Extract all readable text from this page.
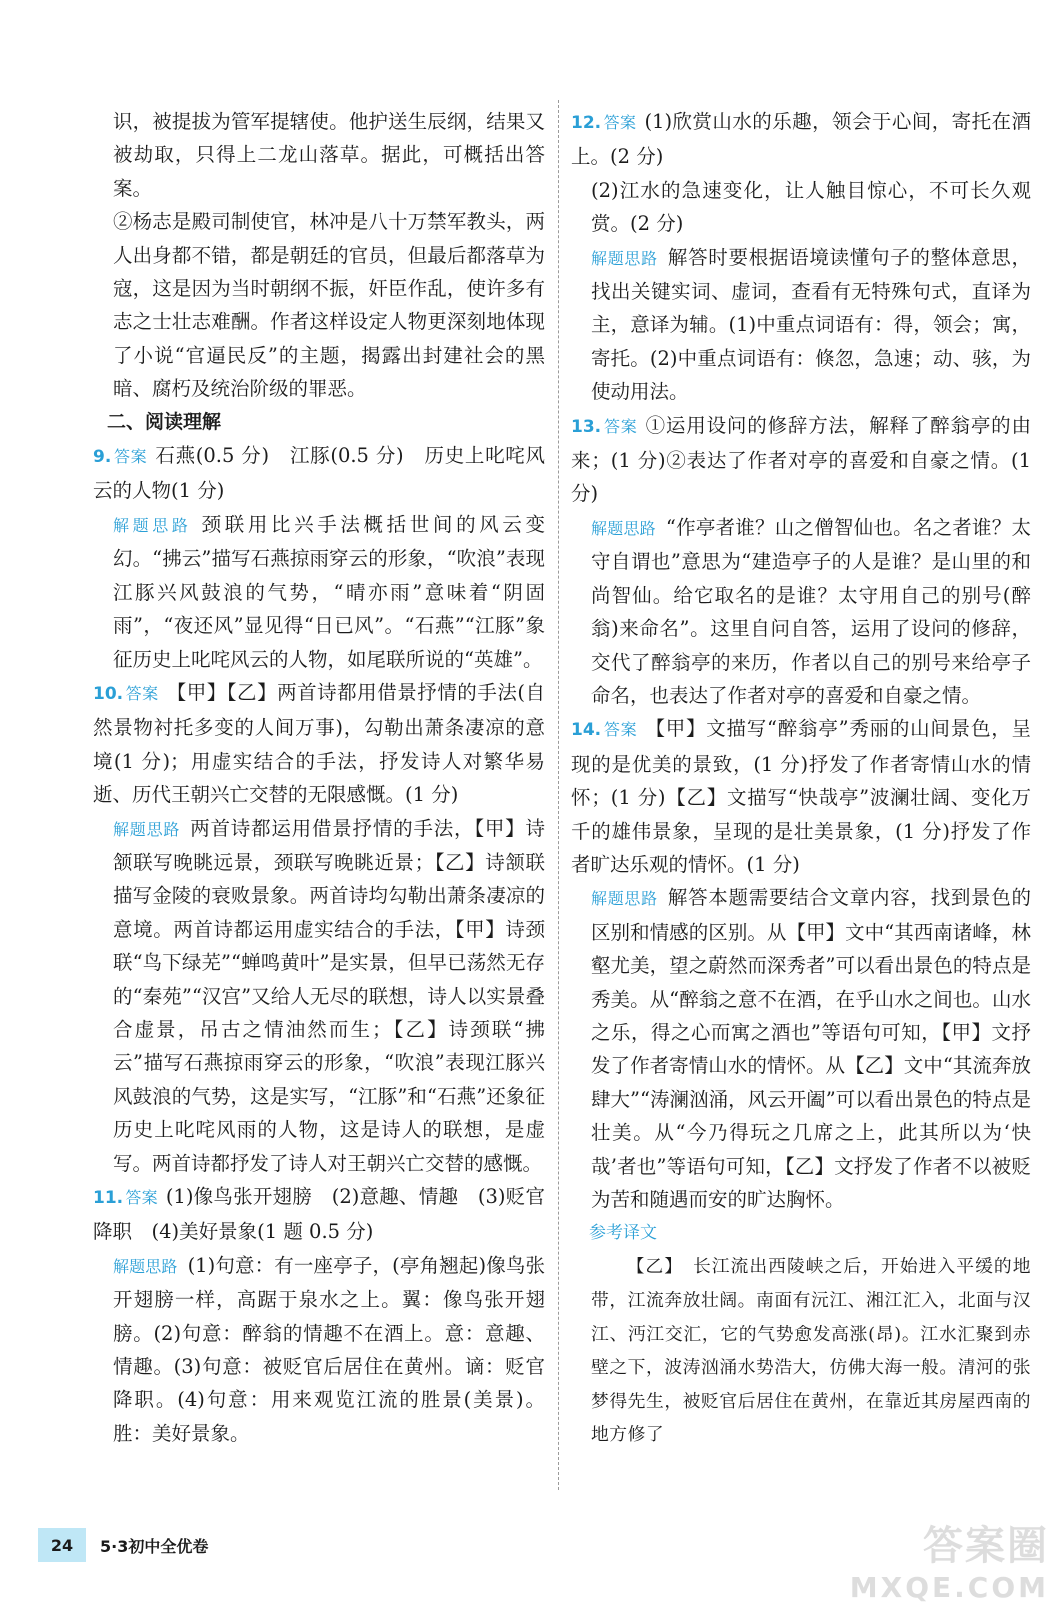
识，被提拔为管军提辖使。他护送生辰纲，结果又被劫取，只得上二龙山落草。据此，可概括出答案。

②杨志是殿司制使官，林冲是八十万禁军教头，两人出身都不错，都是朝廷的官员，但最后都落草为寇，这是因为当时朝纲不振，奸臣作乱，使许多有志之士壮志难酬。作者这样设定人物更深刻地体现了小说“官逼民反”的主题，揭露出封建社会的黑暗、腐朽及统治阶级的罪恶。

二、阅读理解

9. 答案 石燕(0.5 分)　江豚(0.5 分)　历史上叱咤风云的人物(1 分)

解题思路 颈联用比兴手法概括世间的风云变幻。“拂云”描写石燕掠雨穿云的形象，“吹浪”表现江豚兴风鼓浪的气势，“晴亦雨”意味着“阴固雨”，“夜还风”显见得“日已风”。“石燕”“江豚”象征历史上叱咤风云的人物，如尾联所说的“英雄”。

10. 答案 【甲】【乙】两首诗都用借景抒情的手法(自然景物衬托多变的人间万事)，勾勒出萧条凄凉的意境(1 分)；用虚实结合的手法，抒发诗人对繁华易逝、历代王朝兴亡交替的无限感慨。(1 分)

解题思路 两首诗都运用借景抒情的手法，【甲】诗颔联写晚眺远景，颈联写晚眺近景；【乙】诗颔联描写金陵的衰败景象。两首诗均勾勒出萧条凄凉的意境。两首诗都运用虚实结合的手法，【甲】诗颈联“鸟下绿芜”“蝉鸣黄叶”是实景，但早已荡然无存的“秦苑”“汉宫”又给人无尽的联想，诗人以实景叠合虚景，吊古之情油然而生；【乙】诗颈联“拂云”描写石燕掠雨穿云的形象，“吹浪”表现江豚兴风鼓浪的气势，这是实写，“江豚”和“石燕”还象征历史上叱咤风雨的人物，这是诗人的联想，是虚写。两首诗都抒发了诗人对王朝兴亡交替的感慨。

11. 答案 (1)像鸟张开翅膀　(2)意趣、情趣　(3)贬官降职　(4)美好景象(1 题 0.5 分)

解题思路 (1)句意：有一座亭子，(亭角翘起)像鸟张开翅膀一样，高踞于泉水之上。翼：像鸟张开翅膀。(2)句意：醉翁的情趣不在酒上。意：意趣、情趣。(3)句意：被贬官后居住在黄州。谪：贬官降职。(4)句意：用来观览江流的胜景(美景)。胜：美好景象。

12. 答案 (1)欣赏山水的乐趣，领会于心间，寄托在酒上。(2 分)

(2)江水的急速变化，让人触目惊心，不可长久观赏。(2 分)

解题思路 解答时要根据语境读懂句子的整体意思，找出关键实词、虚词，查看有无特殊句式，直译为主，意译为辅。(1)中重点词语有：得，领会；寓，寄托。(2)中重点词语有：倏忽，急速；动、骇，为使动用法。

13. 答案 ①运用设问的修辞方法，解释了醉翁亭的由来；(1 分)②表达了作者对亭的喜爱和自豪之情。(1 分)

解题思路 “作亭者谁？山之僧智仙也。名之者谁？太守自谓也”意思为“建造亭子的人是谁？是山里的和尚智仙。给它取名的是谁？太守用自己的别号(醉翁)来命名”。这里自问自答，运用了设问的修辞，交代了醉翁亭的来历，作者以自己的别号来给亭子命名，也表达了作者对亭的喜爱和自豪之情。

14. 答案 【甲】文描写“醉翁亭”秀丽的山间景色，呈现的是优美的景致，(1 分)抒发了作者寄情山水的情怀；(1 分)【乙】文描写“快哉亭”波澜壮阔、变化万千的雄伟景象，呈现的是壮美景象，(1 分)抒发了作者旷达乐观的情怀。(1 分)

解题思路 解答本题需要结合文章内容，找到景色的区别和情感的区别。从【甲】文中“其西南诸峰，林壑尤美，望之蔚然而深秀者”可以看出景色的特点是秀美。从“醉翁之意不在酒，在乎山水之间也。山水之乐，得之心而寓之酒也”等语句可知，【甲】文抒发了作者寄情山水的情怀。从【乙】文中“其流奔放肆大”“涛澜汹涌，风云开阖”可以看出景色的特点是壮美。从“今乃得玩之几席之上，此其所以为‘快哉’者也”等语句可知，【乙】文抒发了作者不以被贬为苦和随遇而安的旷达胸怀。

参考译文

【乙】　长江流出西陵峡之后，开始进入平缓的地带，江流奔放壮阔。南面有沅江、湘江汇入，北面与汉江、沔江交汇，它的气势愈发高涨(昂)。江水汇聚到赤壁之下，波涛汹涌水势浩大，仿佛大海一般。清河的张梦得先生，被贬官后居住在黄州，在靠近其房屋西南的地方修了

24	5·3初中全优卷	答案圈
MXQE.COM
